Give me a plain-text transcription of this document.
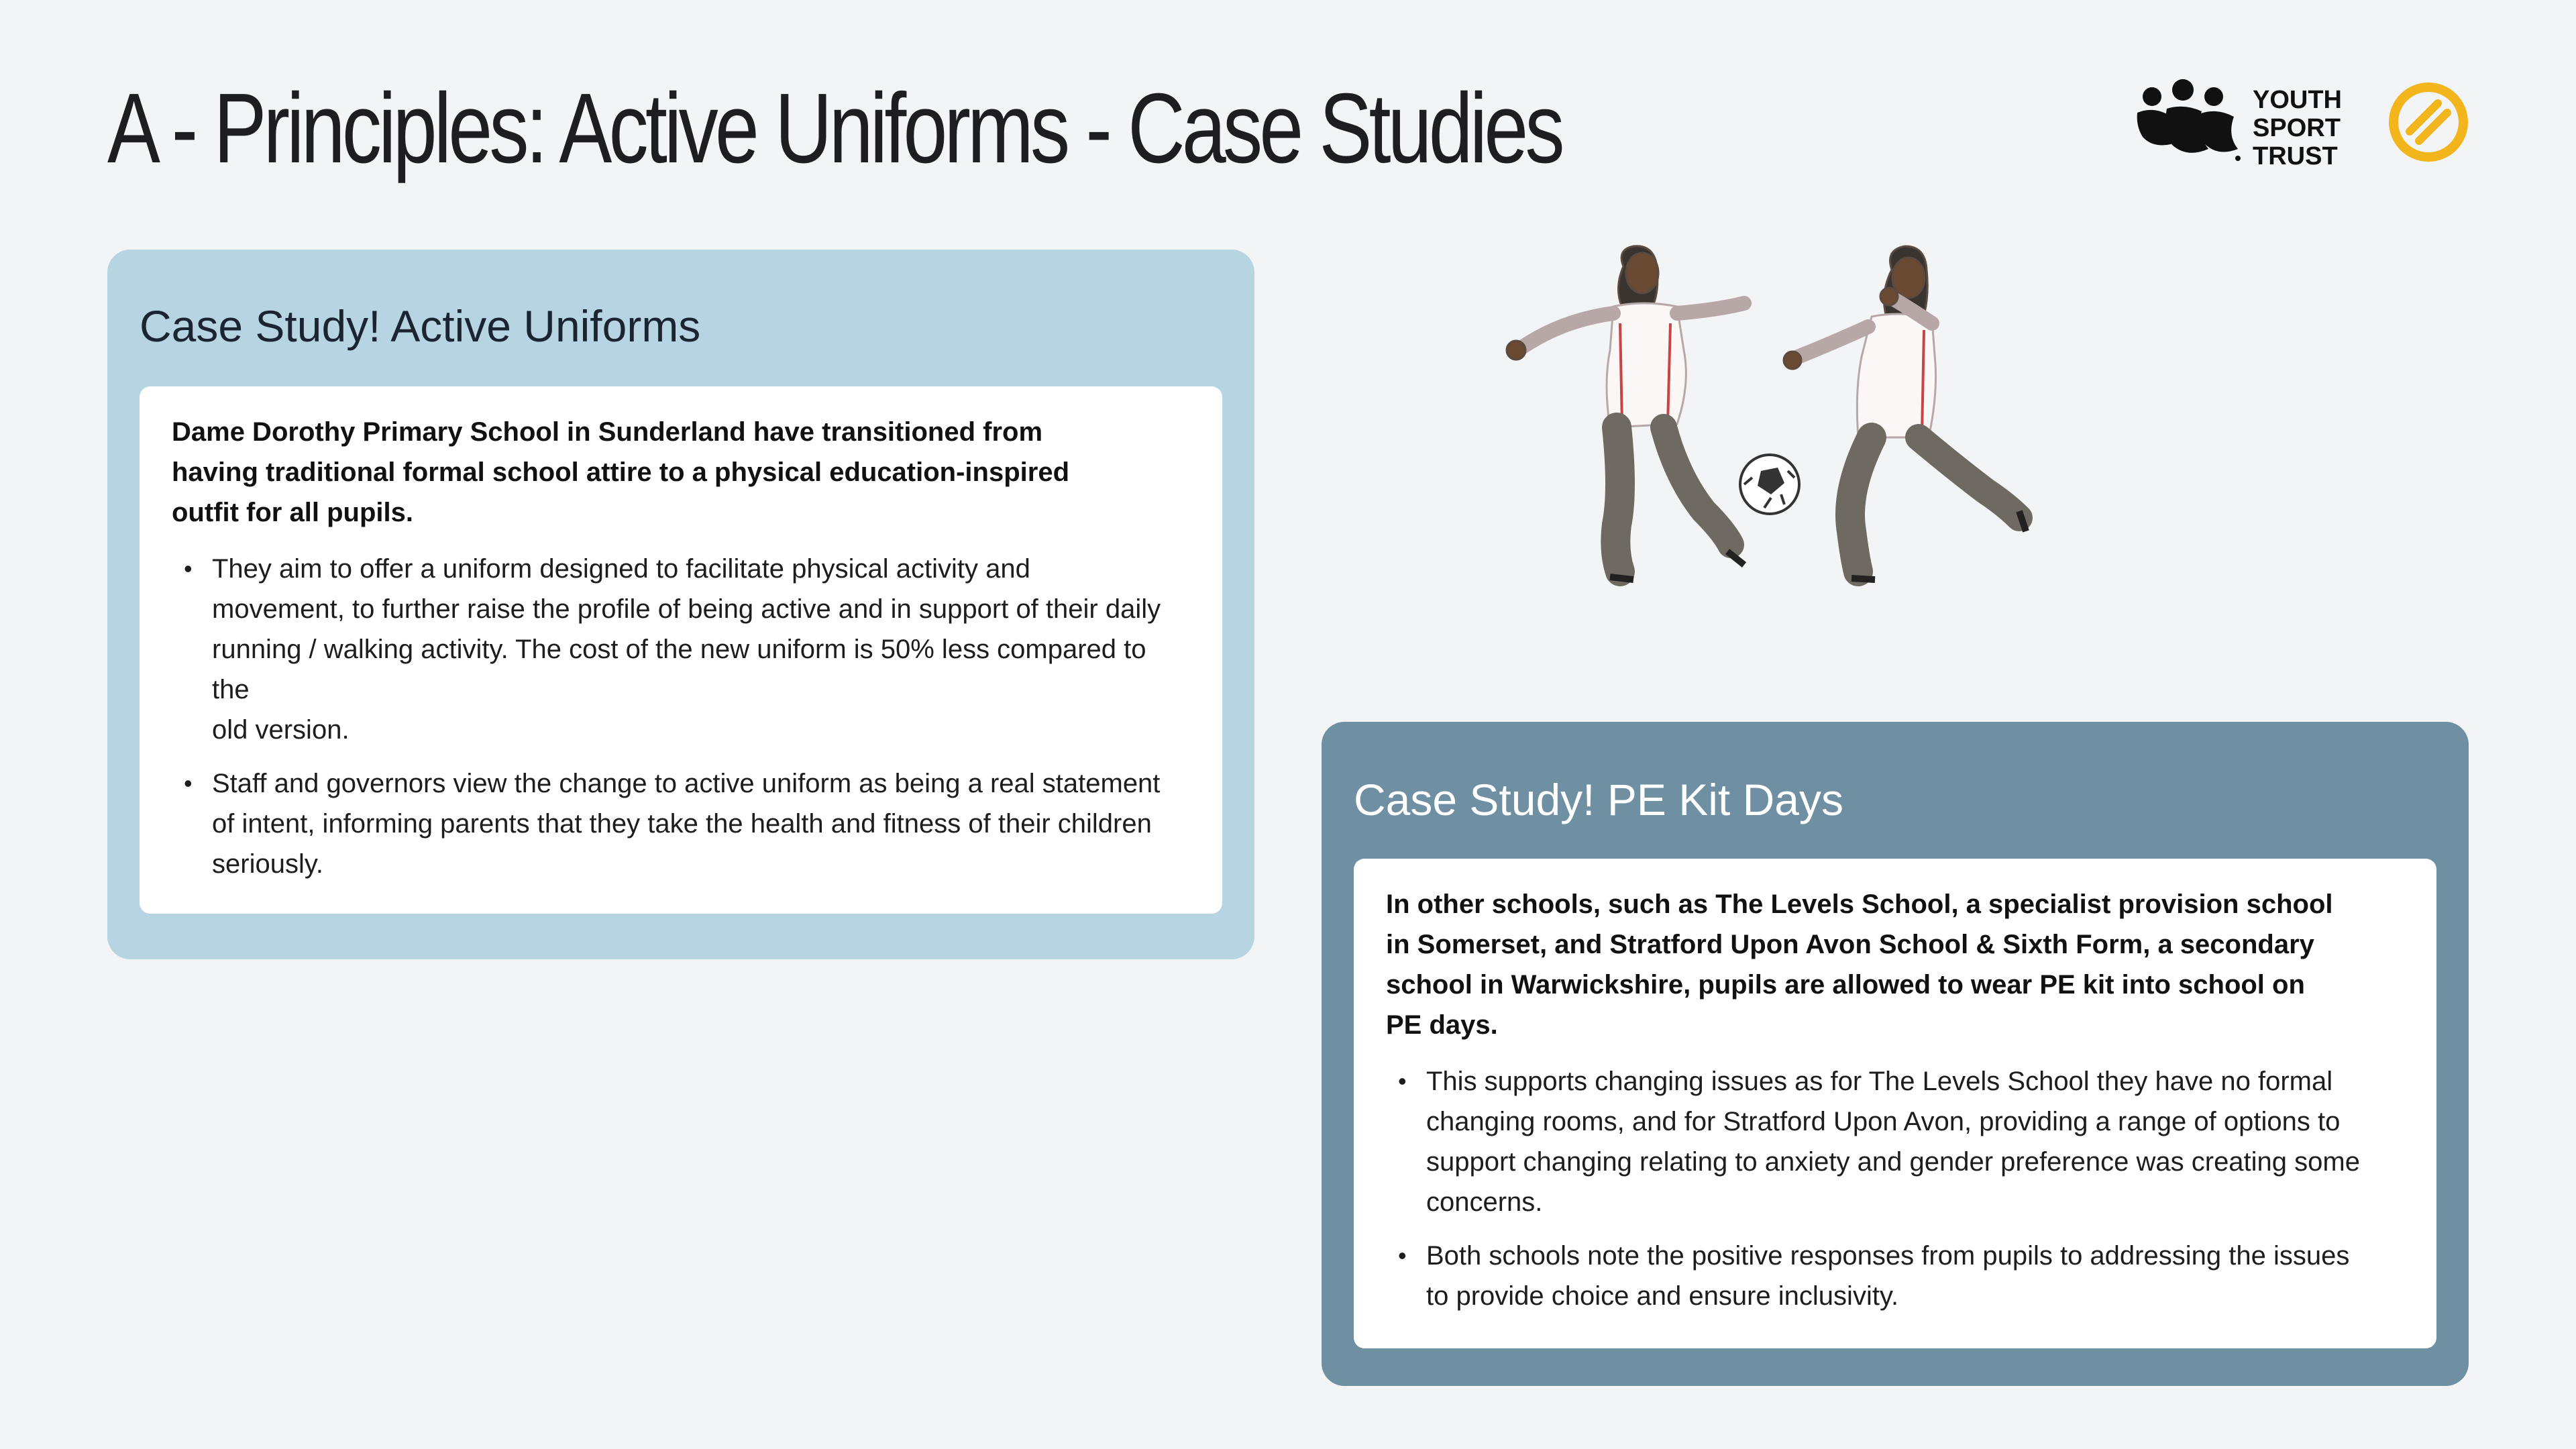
A - Principles: Active Uniforms - Case Studies	YOUTH
SPORT
TRUST
Case Study! Active Uniforms

Dame Dorothy Primary School in Sunderland have transitioned from having traditional formal school attire to a physical education-inspired outfit for all pupils.

• They aim to offer a uniform designed to facilitate physical activity and movement, to further raise the profile of being active and in support of their daily running / walking activity. The cost of the new uniform is 50% less compared to the
old version.
• Staff and governors view the change to active uniform as being a real statement of intent, informing parents that they take the health and fitness of their children seriously.
Case Study! PE Kit Days

In other schools, such as The Levels School, a specialist provision school in Somerset, and Stratford Upon Avon School & Sixth Form, a secondary school in Warwickshire, pupils are allowed to wear PE kit into school on PE days.

• This supports changing issues as for The Levels School they have no formal changing rooms, and for Stratford Upon Avon, providing a range of options to support changing relating to anxiety and gender preference was creating some concerns.
• Both schools note the positive responses from pupils to addressing the issues to provide choice and ensure inclusivity.
